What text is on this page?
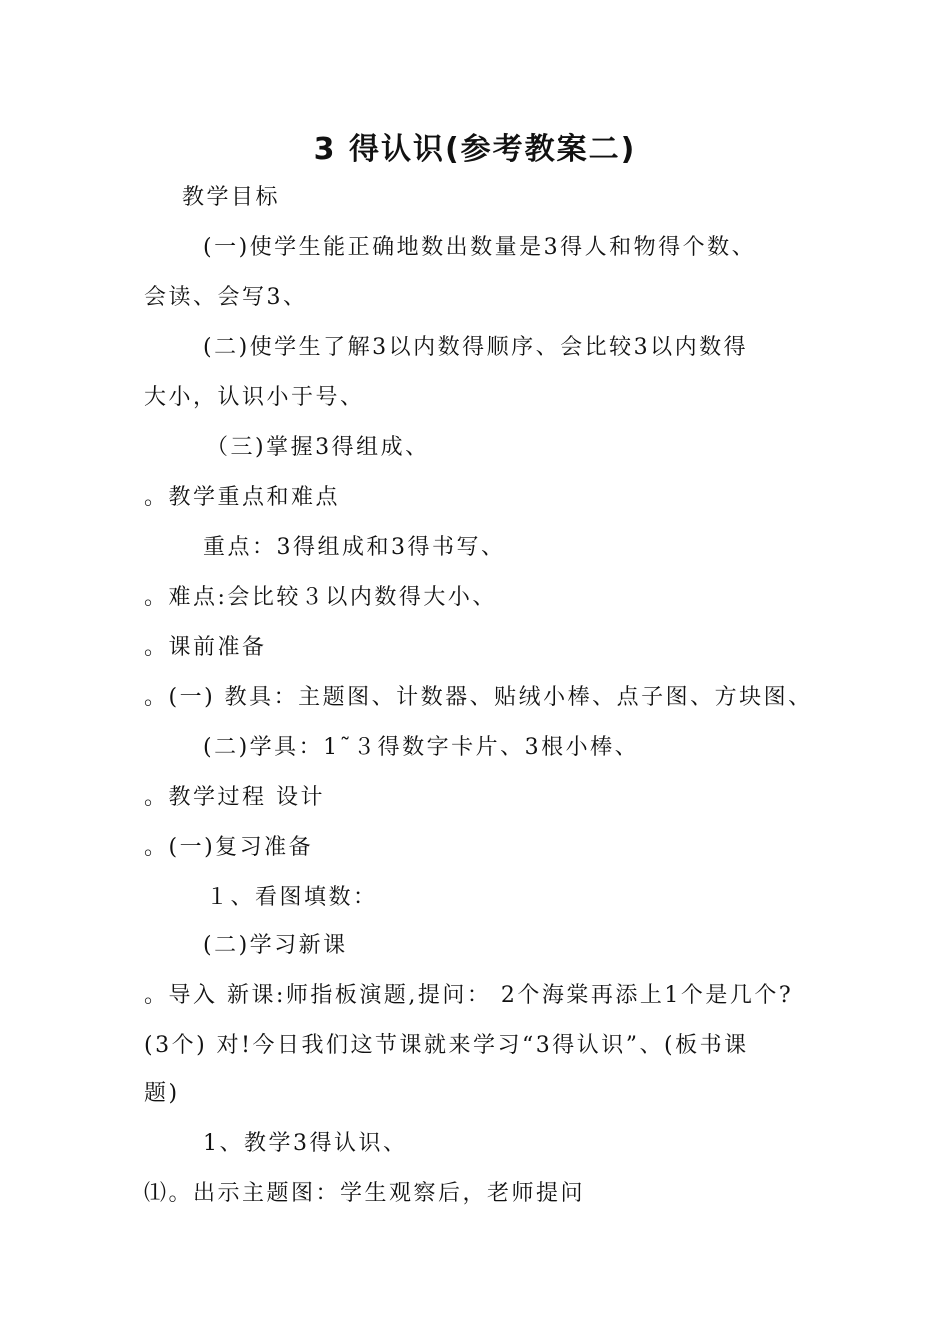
3 得认识(参考教案二)
教学目标
(一)使学生能正确地数出数量是3得人和物得个数、
会读、会写3、
(二)使学生了解3以内数得顺序、会比较3以内数得
大小，认识小于号、
（三)掌握3得组成、
。教学重点和难点
重点：3得组成和3得书写、
。难点:会比较３以内数得大小、
。课前准备
。(一) 教具：主题图、计数器、贴绒小棒、点子图、方块图、
(二)学具：1˜３得数字卡片、3根小棒、
。教学过程 设计
。(一)复习准备
１、看图填数：
(二)学习新课
。导入 新课:师指板演题,提问： 2个海棠再添上1个是几个?
(3个) 对!今日我们这节课就来学习“3得认识”、(板书课
题)
1、教学3得认识、
⑴。出示主题图：学生观察后，老师提问
